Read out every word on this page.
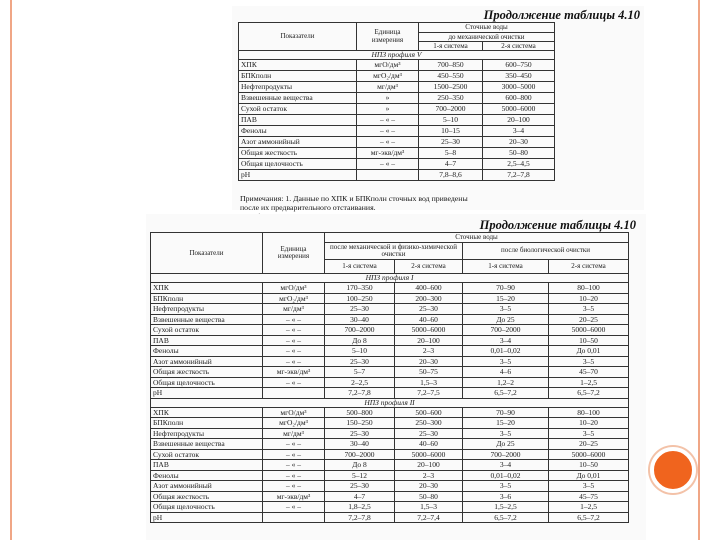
Продолжение таблицы 4.10
Показатели	Единица измерения	Сточные воды	
		до механической очистки	
		1-я система	2-я система
НПЗ профиля V			
ХПК	мгО/дм³	700–850	600–750
БПКполн	мгО₂/дм³	450–550	350–450
Нефтепродукты	мг/дм³	1500–2500	3000–5000
Взвешенные вещества	»	250–350	600–800
Сухой остаток	»	700–2000	5000–6000
ПАВ	– « –	5–10	20–100
Фенолы	– « –	10–15	3–4
Азот аммонийный	– « –	25–30	20–30
Общая жесткость	мг-экв/дм³	5–8	50–80
Общая щелочность	– « –	4–7	2,5–4,5
pH		7,8–8,6	7,2–7,8
Примечания: 1. Данные по ХПК и БПКполн сточных вод приведены
после их предварительного отстаивания.
Продолжение таблицы 4.10
Показатели	Единица измерения	Сточные воды			
		после механической и физико-химической очистки		после биологической очистки	
		1-я система	2-я система	1-я система	2-я система
НПЗ профиля I					
ХПК	мгО/дм³	170–350	400–600	70–90	80–100
БПКполн	мгО₂/дм³	100–250	200–300	15–20	10–20
Нефтепродукты	мг/дм³	25–30	25–30	3–5	3–5
Взвешенные вещества	– « –	30–40	40–60	До 25	20–25
Сухой остаток	– « –	700–2000	5000–6000	700–2000	5000–6000
ПАВ	– « –	До 8	20–100	3–4	10–50
Фенолы	– « –	5–10	2–3	0,01–0,02	До 0,01
Азот аммонийный	– « –	25–30	20–30	3–5	3–5
Общая жесткость	мг-экв/дм³	5–7	50–75	4–6	45–70
Общая щелочность	– « –	2–2,5	1,5–3	1,2–2	1–2,5
pH		7,2–7,8	7,2–7,5	6,5–7,2	6,5–7,2
НПЗ профиля II					
ХПК	мгО/дм³	500–800	500–600	70–90	80–100
БПКполн	мгО₂/дм³	150–250	250–300	15–20	10–20
Нефтепродукты	мг/дм³	25–30	25–30	3–5	3–5
Взвешенные вещества	– « –	30–40	40–60	До 25	20–25
Сухой остаток	– « –	700–2000	5000–6000	700–2000	5000–6000
ПАВ	– « –	До 8	20–100	3–4	10–50
Фенолы	– « –	5–12	2–3	0,01–0,02	До 0,01
Азот аммонийный	– « –	25–30	20–30	3–5	3–5
Общая жесткость	мг-экв/дм³	4–7	50–80	3–6	45–75
Общая щелочность	– « –	1,8–2,5	1,5–3	1,5–2,5	1–2,5
pH		7,2–7,8	7,2–7,4	6,5–7,2	6,5–7,2
